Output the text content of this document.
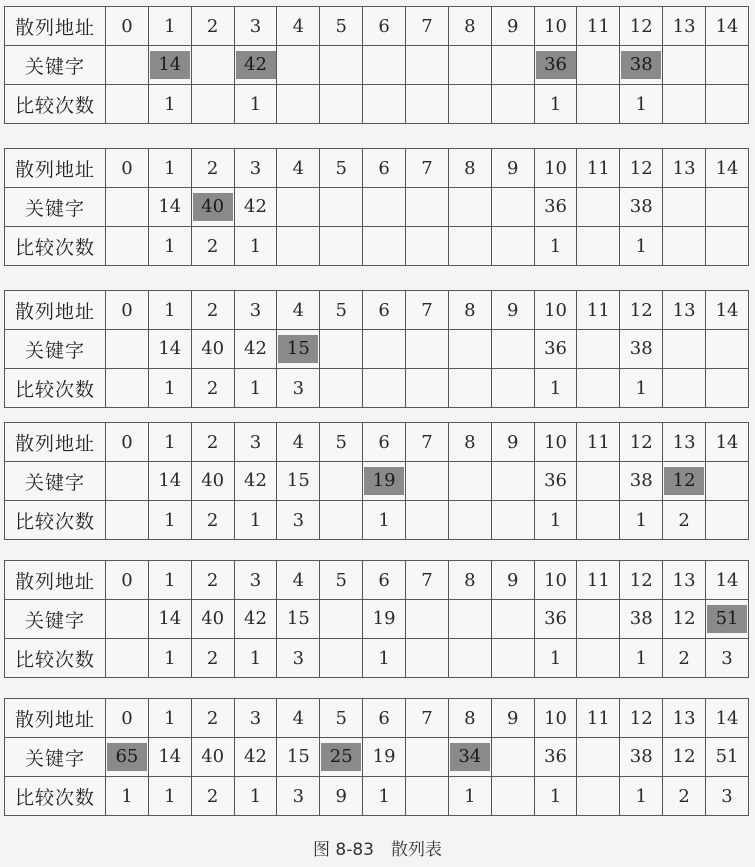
散列地址	0	1	2	3	4	5	6	7	8	9	10	11	12	13	14
关键字		14		42							36		38		
比较次数		1		1							1		1		
散列地址	0	1	2	3	4	5	6	7	8	9	10	11	12	13	14
关键字		14	40	42							36		38		
比较次数		1	2	1							1		1		
散列地址	0	1	2	3	4	5	6	7	8	9	10	11	12	13	14
关键字		14	40	42	15						36		38		
比较次数		1	2	1	3						1		1		
散列地址	0	1	2	3	4	5	6	7	8	9	10	11	12	13	14
关键字		14	40	42	15		19				36		38	12	
比较次数		1	2	1	3		1				1		1	2	
散列地址	0	1	2	3	4	5	6	7	8	9	10	11	12	13	14
关键字		14	40	42	15		19				36		38	12	51
比较次数		1	2	1	3		1				1		1	2	3
散列地址	0	1	2	3	4	5	6	7	8	9	10	11	12	13	14
关键字	65	14	40	42	15	25	19		34		36		38	12	51
比较次数	1	1	2	1	3	9	1		1		1		1	2	3
图 8-83　散列表
